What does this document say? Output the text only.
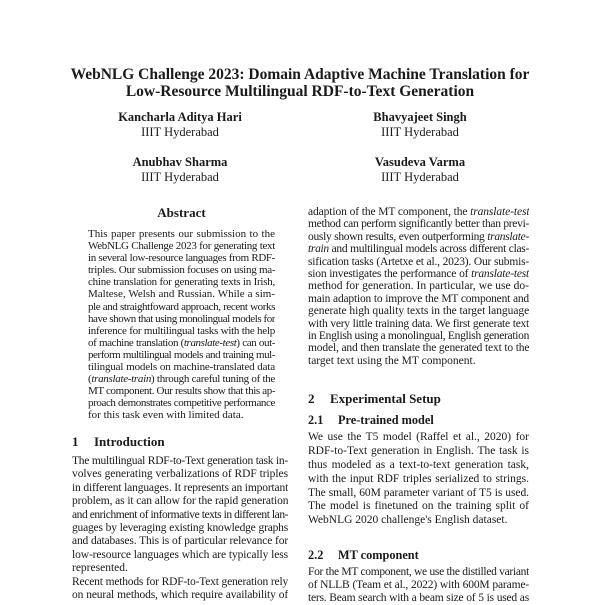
WebNLG Challenge 2023: Domain Adaptive Machine Translation for
Low-Resource Multilingual RDF-to-Text Generation
Kancharla Aditya Hari
IIIT Hyderabad
Bhavyajeet Singh
IIIT Hyderabad
Anubhav Sharma
IIIT Hyderabad
Vasudeva Varma
IIIT Hyderabad
Abstract
This paper presents our submission to the
WebNLG Challenge 2023 for generating text
in several low-resource languages from RDF-
triples. Our submission focuses on using ma-
chine translation for generating texts in Irish,
Maltese, Welsh and Russian. While a sim-
ple and straightfoward approach, recent works
have shown that using monolingual models for
inference for multilingual tasks with the help
of machine translation (translate-test) can out-
perform multilingual models and training mul-
tilingual models on machine-translated data
(translate-train) through careful tuning of the
MT component. Our results show that this ap-
proach demonstrates competitive performance
for this task even with limited data.
1 Introduction
The multilingual RDF-to-Text generation task in-
volves generating verbalizations of RDF triples
in different languages. It represents an important
problem, as it can allow for the rapid generation
and enrichment of informative texts in different lan-
guages by leveraging existing knowledge graphs
and databases. This is of particular relevance for
low-resource languages which are typically less
represented.
Recent methods for RDF-to-Text generation rely
on neural methods, which require availability of
adaption of the MT component, the translate-test
method can perform significantly better than previ-
ously shown results, even outperforming translate-
train and multilingual models across different clas-
sification tasks (Artetxe et al., 2023). Our submis-
sion investigates the performance of translate-test
method for generation. In particular, we use do-
main adaption to improve the MT component and
generate high quality texts in the target language
with very little training data. We first generate text
in English using a monolingual, English generation
model, and then translate the generated text to the
target text using the MT component.
2 Experimental Setup
2.1 Pre-trained model
We use the T5 model (Raffel et al., 2020) for
RDF-to-Text generation in English. The task is
thus modeled as a text-to-text generation task,
with the input RDF triples serialized to strings.
The small, 60M parameter variant of T5 is used.
The model is finetuned on the training split of
WebNLG 2020 challenge's English dataset.
2.2 MT component
For the MT component, we use the distilled variant
of NLLB (Team et al., 2022) with 600M parame-
ters. Beam search with a beam size of 5 is used as
